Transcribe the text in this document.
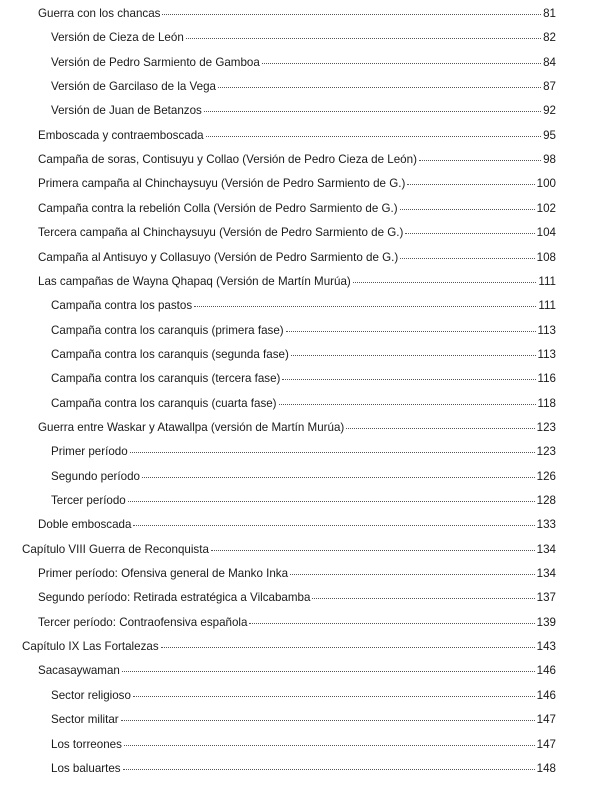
Guerra con los chancas	81
Versión de Cieza de León	82
Versión de Pedro Sarmiento de Gamboa	84
Versión de Garcilaso de la Vega	87
Versión de Juan de Betanzos	92
Emboscada y contraemboscada	95
Campaña de soras, Contisuyu y Collao (Versión de Pedro Cieza de León)	98
Primera campaña al Chinchaysuyu (Versión de Pedro Sarmiento de G.)	100
Campaña contra la rebelión Colla (Versión de Pedro Sarmiento de G.)	102
Tercera campaña al Chinchaysuyu (Versión de Pedro Sarmiento de G.)	104
Campaña al Antisuyo y Collasuyo (Versión de Pedro Sarmiento de G.)	108
Las campañas de Wayna Qhapaq (Versión de Martín Murúa)	111
Campaña contra los pastos	111
Campaña contra los caranquis (primera fase)	113
Campaña contra los caranquis (segunda fase)	113
Campaña contra los caranquis (tercera fase)	116
Campaña contra los caranquis (cuarta fase)	118
Guerra entre Waskar y Atawallpa (versión de Martín Murúa)	123
Primer período	123
Segundo período	126
Tercer período	128
Doble emboscada	133
Capítulo VIII Guerra de Reconquista	134
Primer período: Ofensiva general de Manko Inka	134
Segundo período: Retirada estratégica a Vilcabamba	137
Tercer período: Contraofensiva española	139
Capítulo IX Las Fortalezas	143
Sacasaywaman	146
Sector religioso	146
Sector militar	147
Los torreones	147
Los baluartes	148
